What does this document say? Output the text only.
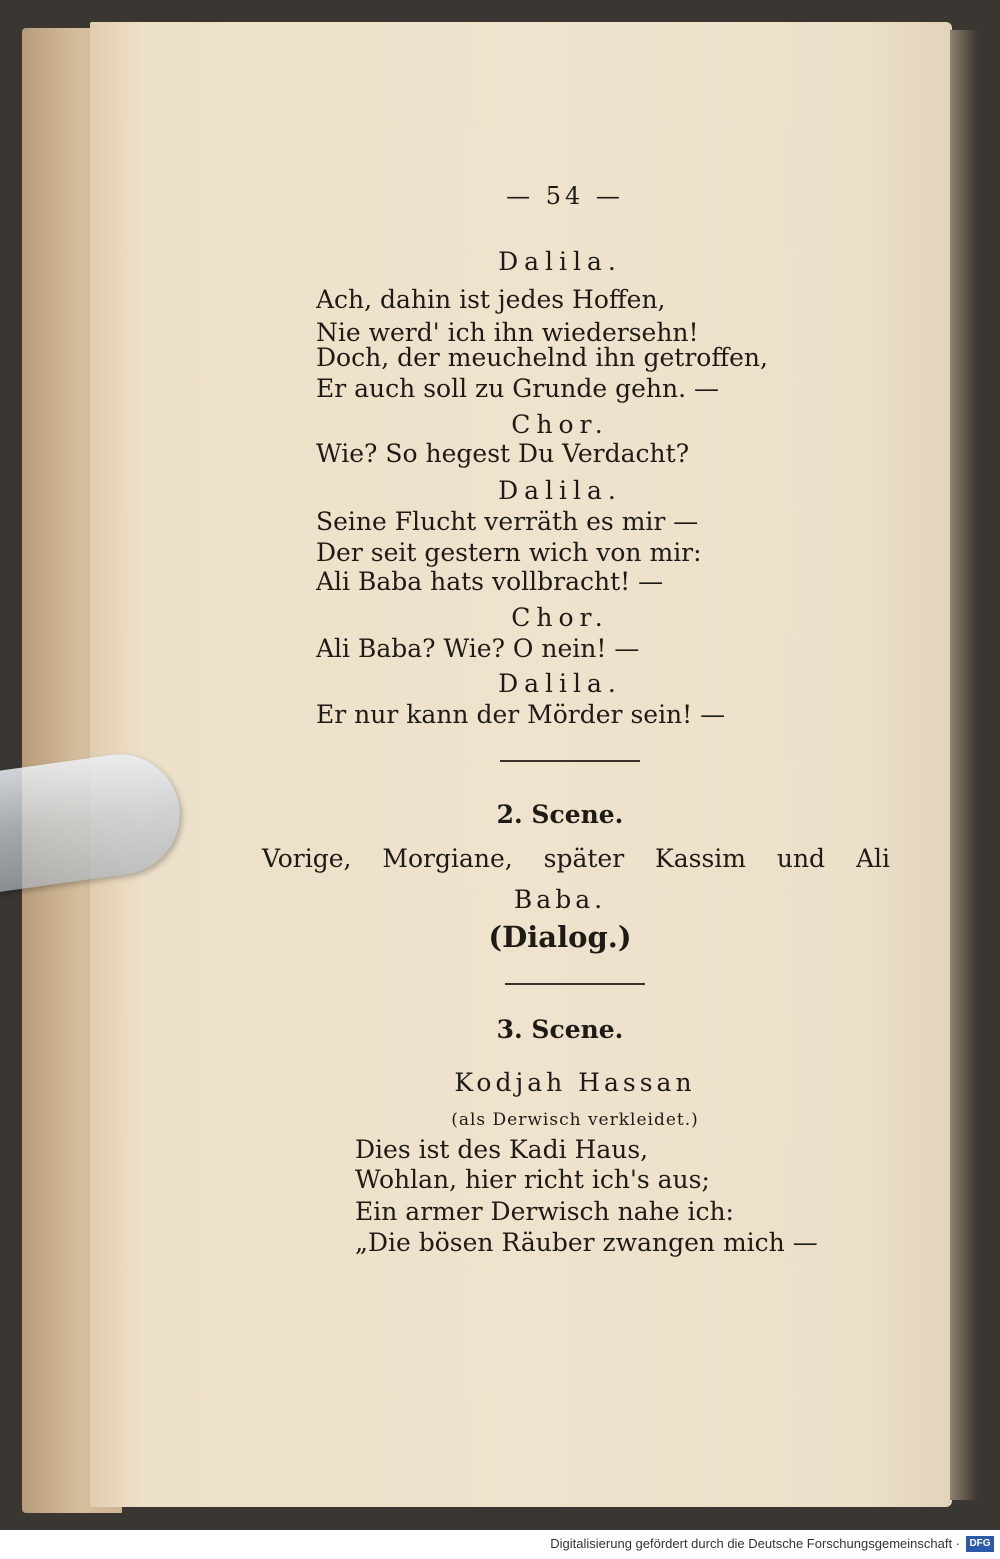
— 54 —
Dalila.
Ach, dahin ist jedes Hoffen,
Nie werd' ich ihn wiedersehn!
Doch, der meuchelnd ihn getroffen,
Er auch soll zu Grunde gehn. —
Chor.
Wie? So hegest Du Verdacht?
Dalila.
Seine Flucht verräth es mir —
Der seit gestern wich von mir:
Ali Baba hats vollbracht! —
Chor.
Ali Baba? Wie? O nein! —
Dalila.
Er nur kann der Mörder sein! —
2. Scene.
Vorige, Morgiane, später Kassim und Ali
Baba.
(Dialog.)
3. Scene.
Kodjah Hassan
(als Derwisch verkleidet.)
Dies ist des Kadi Haus,
Wohlan, hier richt ich's aus;
Ein armer Derwisch nahe ich:
„Die bösen Räuber zwangen mich —
Digitalisierung gefördert durch die Deutsche Forschungsgemeinschaft · DFG
